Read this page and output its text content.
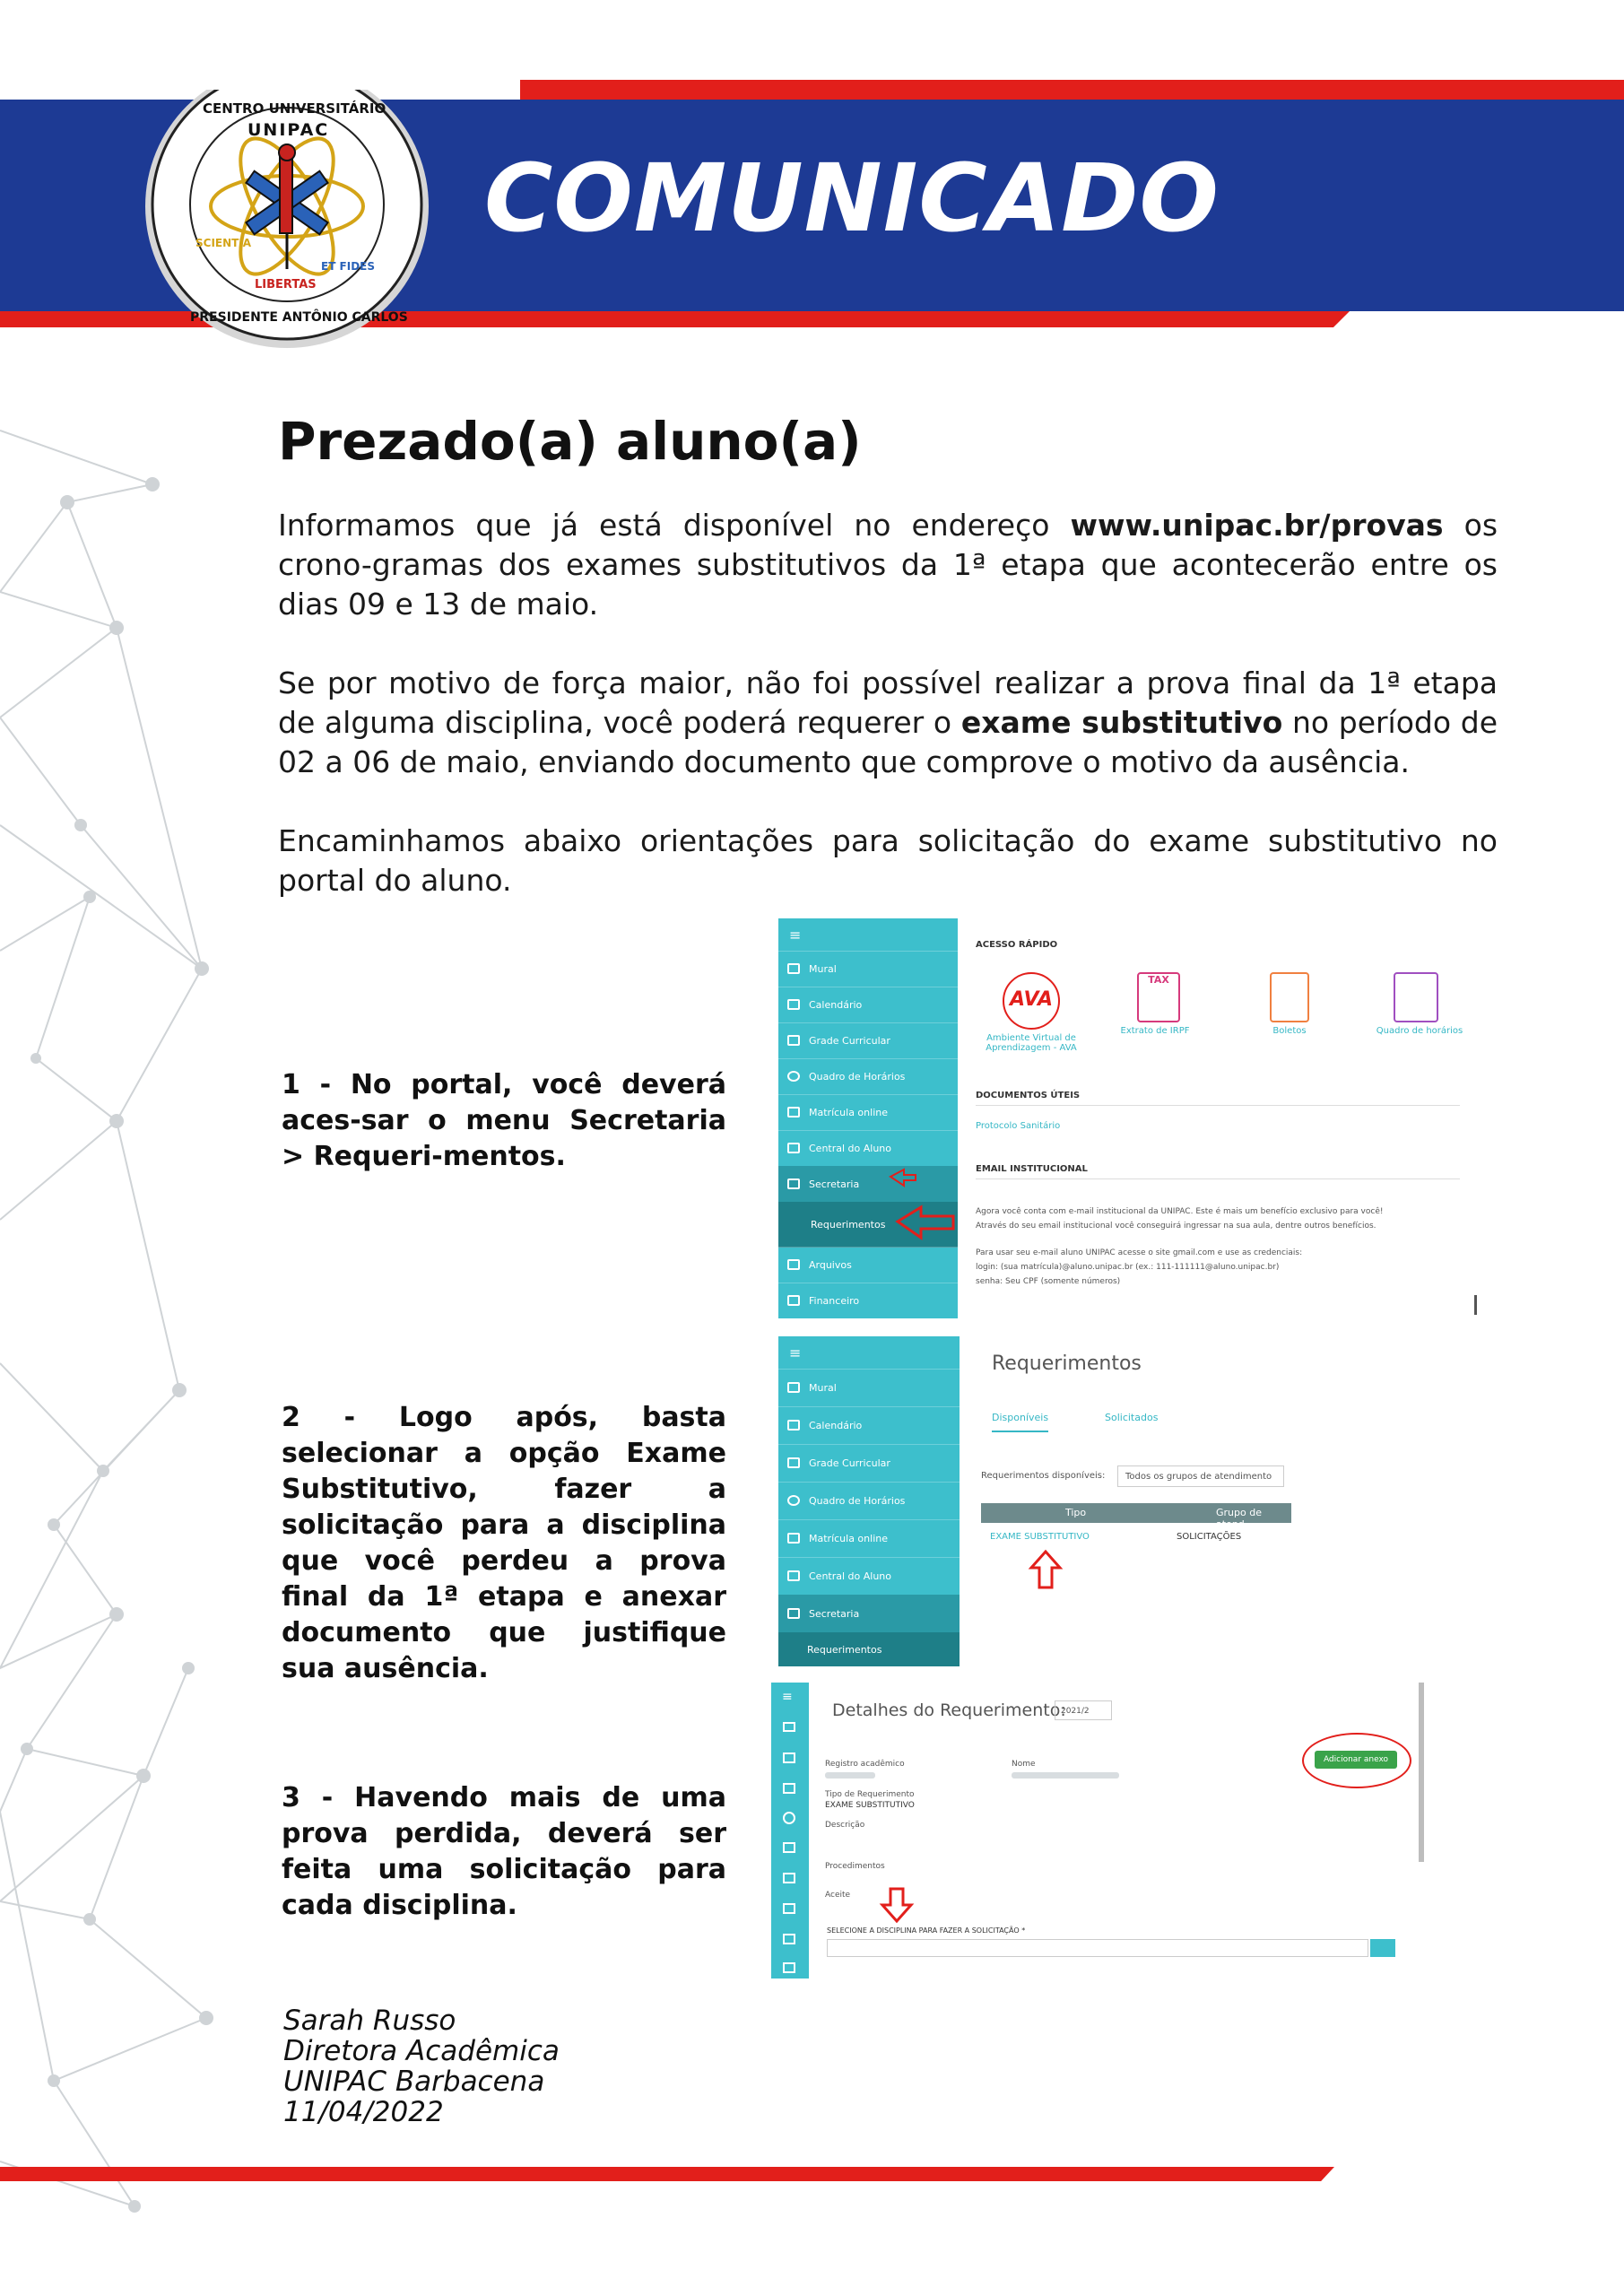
COMUNICADO
CENTRO UNIVERSITÁRIO
UNIPAC
SCIENTIA
LIBERTAS
ET FIDES
PRESIDENTE ANTÔNIO CARLOS
Prezado(a) aluno(a)
Informamos que já está disponível no endereço www.unipac.br/provas os crono-gramas dos exames substitutivos da 1ª etapa que acontecerão entre os dias 09 e 13 de maio.
Se por motivo de força maior, não foi possível realizar a prova final da 1ª etapa de alguma disciplina, você poderá requerer o exame substitutivo no período de 02 a 06 de maio, enviando documento que comprove o motivo da ausência.
Encaminhamos abaixo orientações para solicitação do exame substitutivo no portal do aluno.
1 - No portal, você deverá aces-sar o menu Secretaria > Requeri-mentos.
2 - Logo após, basta selecionar a opção Exame Substitutivo, fazer a solicitação para a disciplina que você perdeu a prova final da 1ª etapa e anexar documento que justifique sua ausência.
3 - Havendo mais de uma prova perdida, deverá ser feita uma solicitação para cada disciplina.
≡
Mural
Calendário
Grade Curricular
Quadro de Horários
Matrícula online
Central do Aluno
Secretaria
Requerimentos
Arquivos
Financeiro
ACESSO RÁPIDO
AVA
TAX
Ambiente Virtual de Aprendizagem - AVA
Extrato de IRPF	Boletos	Quadro de horários
DOCUMENTOS ÚTEIS
Protocolo Sanitário
EMAIL INSTITUCIONAL
Agora você conta com e-mail institucional da UNIPAC. Este é mais um benefício exclusivo para você!
Através do seu email institucional você conseguirá ingressar na sua aula, dentre outros benefícios.
Para usar seu e-mail aluno UNIPAC acesse o site gmail.com e use as credenciais:
login: (sua matrícula)@aluno.unipac.br (ex.: 111-111111@aluno.unipac.br)
senha: Seu CPF (somente números)
≡
Mural
Calendário
Grade Curricular
Quadro de Horários
Matrícula online
Central do Aluno
Secretaria
Requerimentos
Requerimentos
Disponíveis	Solicitados
Requerimentos disponíveis:	Todos os grupos de atendimento
Tipo	Grupo de atend
EXAME SUBSTITUTIVO	SOLICITAÇÕES
≡
Detalhes do Requerimento:
2021/2
Adicionar anexo
Registro acadêmico	Nome
Tipo de Requerimento
EXAME SUBSTITUTIVO
Descrição
Procedimentos
Aceite
SELECIONE A DISCIPLINA PARA FAZER A SOLICITAÇÃO *
Sarah Russo
Diretora Acadêmica
UNIPAC Barbacena
11/04/2022
